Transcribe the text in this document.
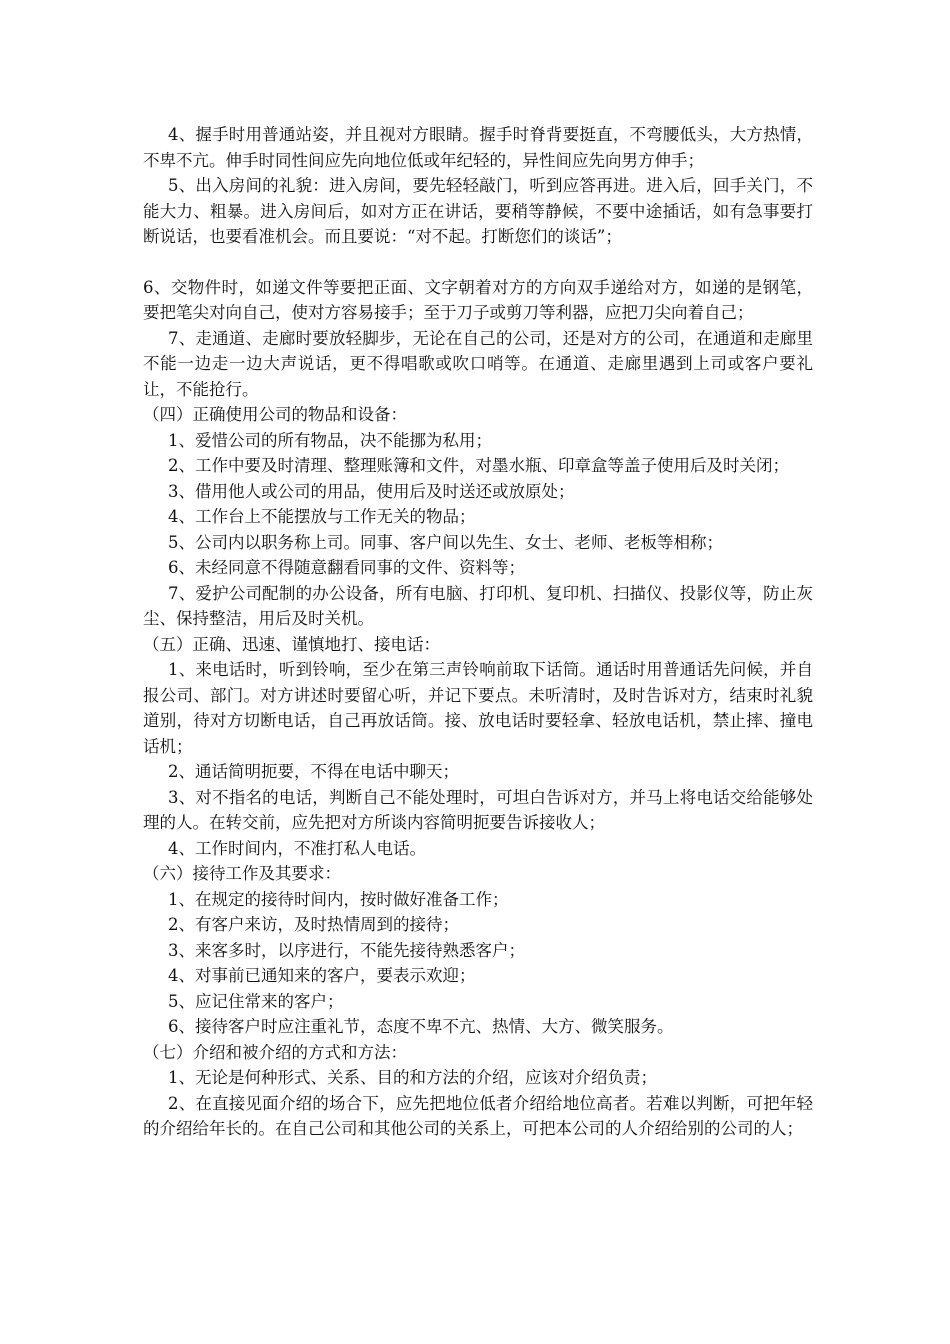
4、握手时用普通站姿，并且视对方眼睛。握手时脊背要挺直，不弯腰低头，大方热情，不卑不亢。伸手时同性间应先向地位低或年纪轻的，异性间应先向男方伸手；

5、出入房间的礼貌：进入房间，要先轻轻敲门，听到应答再进。进入后，回手关门，不能大力、粗暴。进入房间后，如对方正在讲话，要稍等静候，不要中途插话，如有急事要打断说话，也要看准机会。而且要说：“对不起。打断您们的谈话”；

6、交物件时，如递文件等要把正面、文字朝着对方的方向双手递给对方，如递的是钢笔，要把笔尖对向自己，使对方容易接手；至于刀子或剪刀等利器，应把刀尖向着自己；

7、走通道、走廊时要放轻脚步，无论在自己的公司，还是对方的公司，在通道和走廊里不能一边走一边大声说话，更不得唱歌或吹口哨等。在通道、走廊里遇到上司或客户要礼让，不能抢行。

（四）正确使用公司的物品和设备：

1、爱惜公司的所有物品，决不能挪为私用；

2、工作中要及时清理、整理账簿和文件，对墨水瓶、印章盒等盖子使用后及时关闭；

3、借用他人或公司的用品，使用后及时送还或放原处；

4、工作台上不能摆放与工作无关的物品；

5、公司内以职务称上司。同事、客户间以先生、女士、老师、老板等相称；

6、未经同意不得随意翻看同事的文件、资料等；

7、爱护公司配制的办公设备，所有电脑、打印机、复印机、扫描仪、投影仪等，防止灰尘、保持整洁，用后及时关机。

（五）正确、迅速、谨慎地打、接电话：

1、来电话时，听到铃响，至少在第三声铃响前取下话筒。通话时用普通话先问候，并自报公司、部门。对方讲述时要留心听，并记下要点。未听清时，及时告诉对方，结束时礼貌道别，待对方切断电话，自己再放话筒。接、放电话时要轻拿、轻放电话机，禁止摔、撞电话机；

2、通话简明扼要，不得在电话中聊天；

3、对不指名的电话，判断自己不能处理时，可坦白告诉对方，并马上将电话交给能够处理的人。在转交前，应先把对方所谈内容简明扼要告诉接收人；

4、工作时间内，不准打私人电话。

（六）接待工作及其要求：

1、在规定的接待时间内，按时做好准备工作；

2、有客户来访，及时热情周到的接待；

3、来客多时，以序进行，不能先接待熟悉客户；

4、对事前已通知来的客户，要表示欢迎；

5、应记住常来的客户；

6、接待客户时应注重礼节，态度不卑不亢、热情、大方、微笑服务。

（七）介绍和被介绍的方式和方法：

1、无论是何种形式、关系、目的和方法的介绍，应该对介绍负责；

2、在直接见面介绍的场合下，应先把地位低者介绍给地位高者。若难以判断，可把年轻的介绍给年长的。在自己公司和其他公司的关系上，可把本公司的人介绍给别的公司的人；
